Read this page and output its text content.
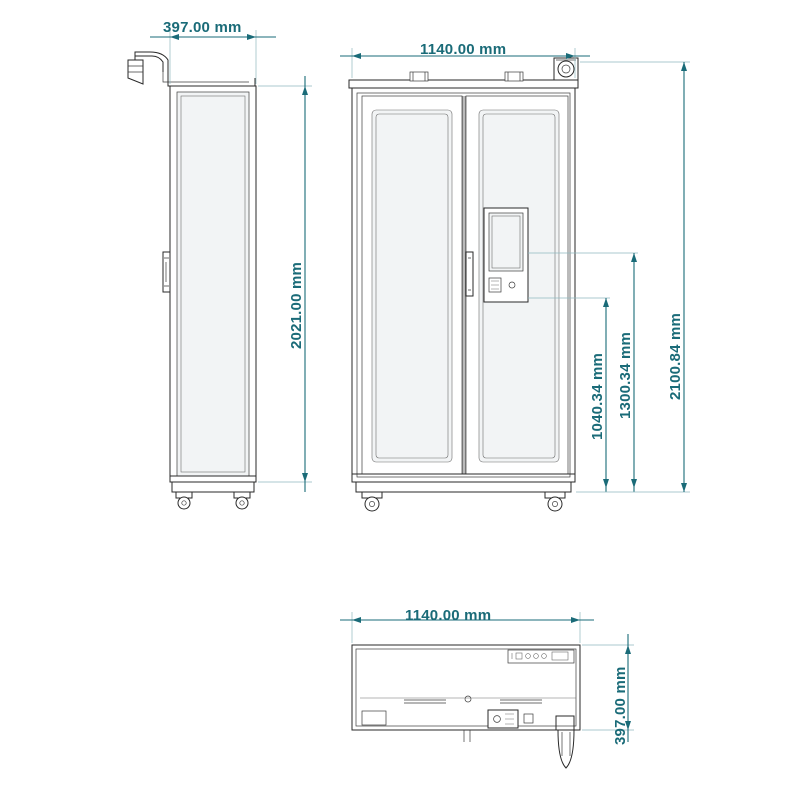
397.00 mm
2021.00 mm
1140.00 mm
2100.84 mm
1040.34 mm 1300.34 mm
1140.00 mm
397.00 mm
